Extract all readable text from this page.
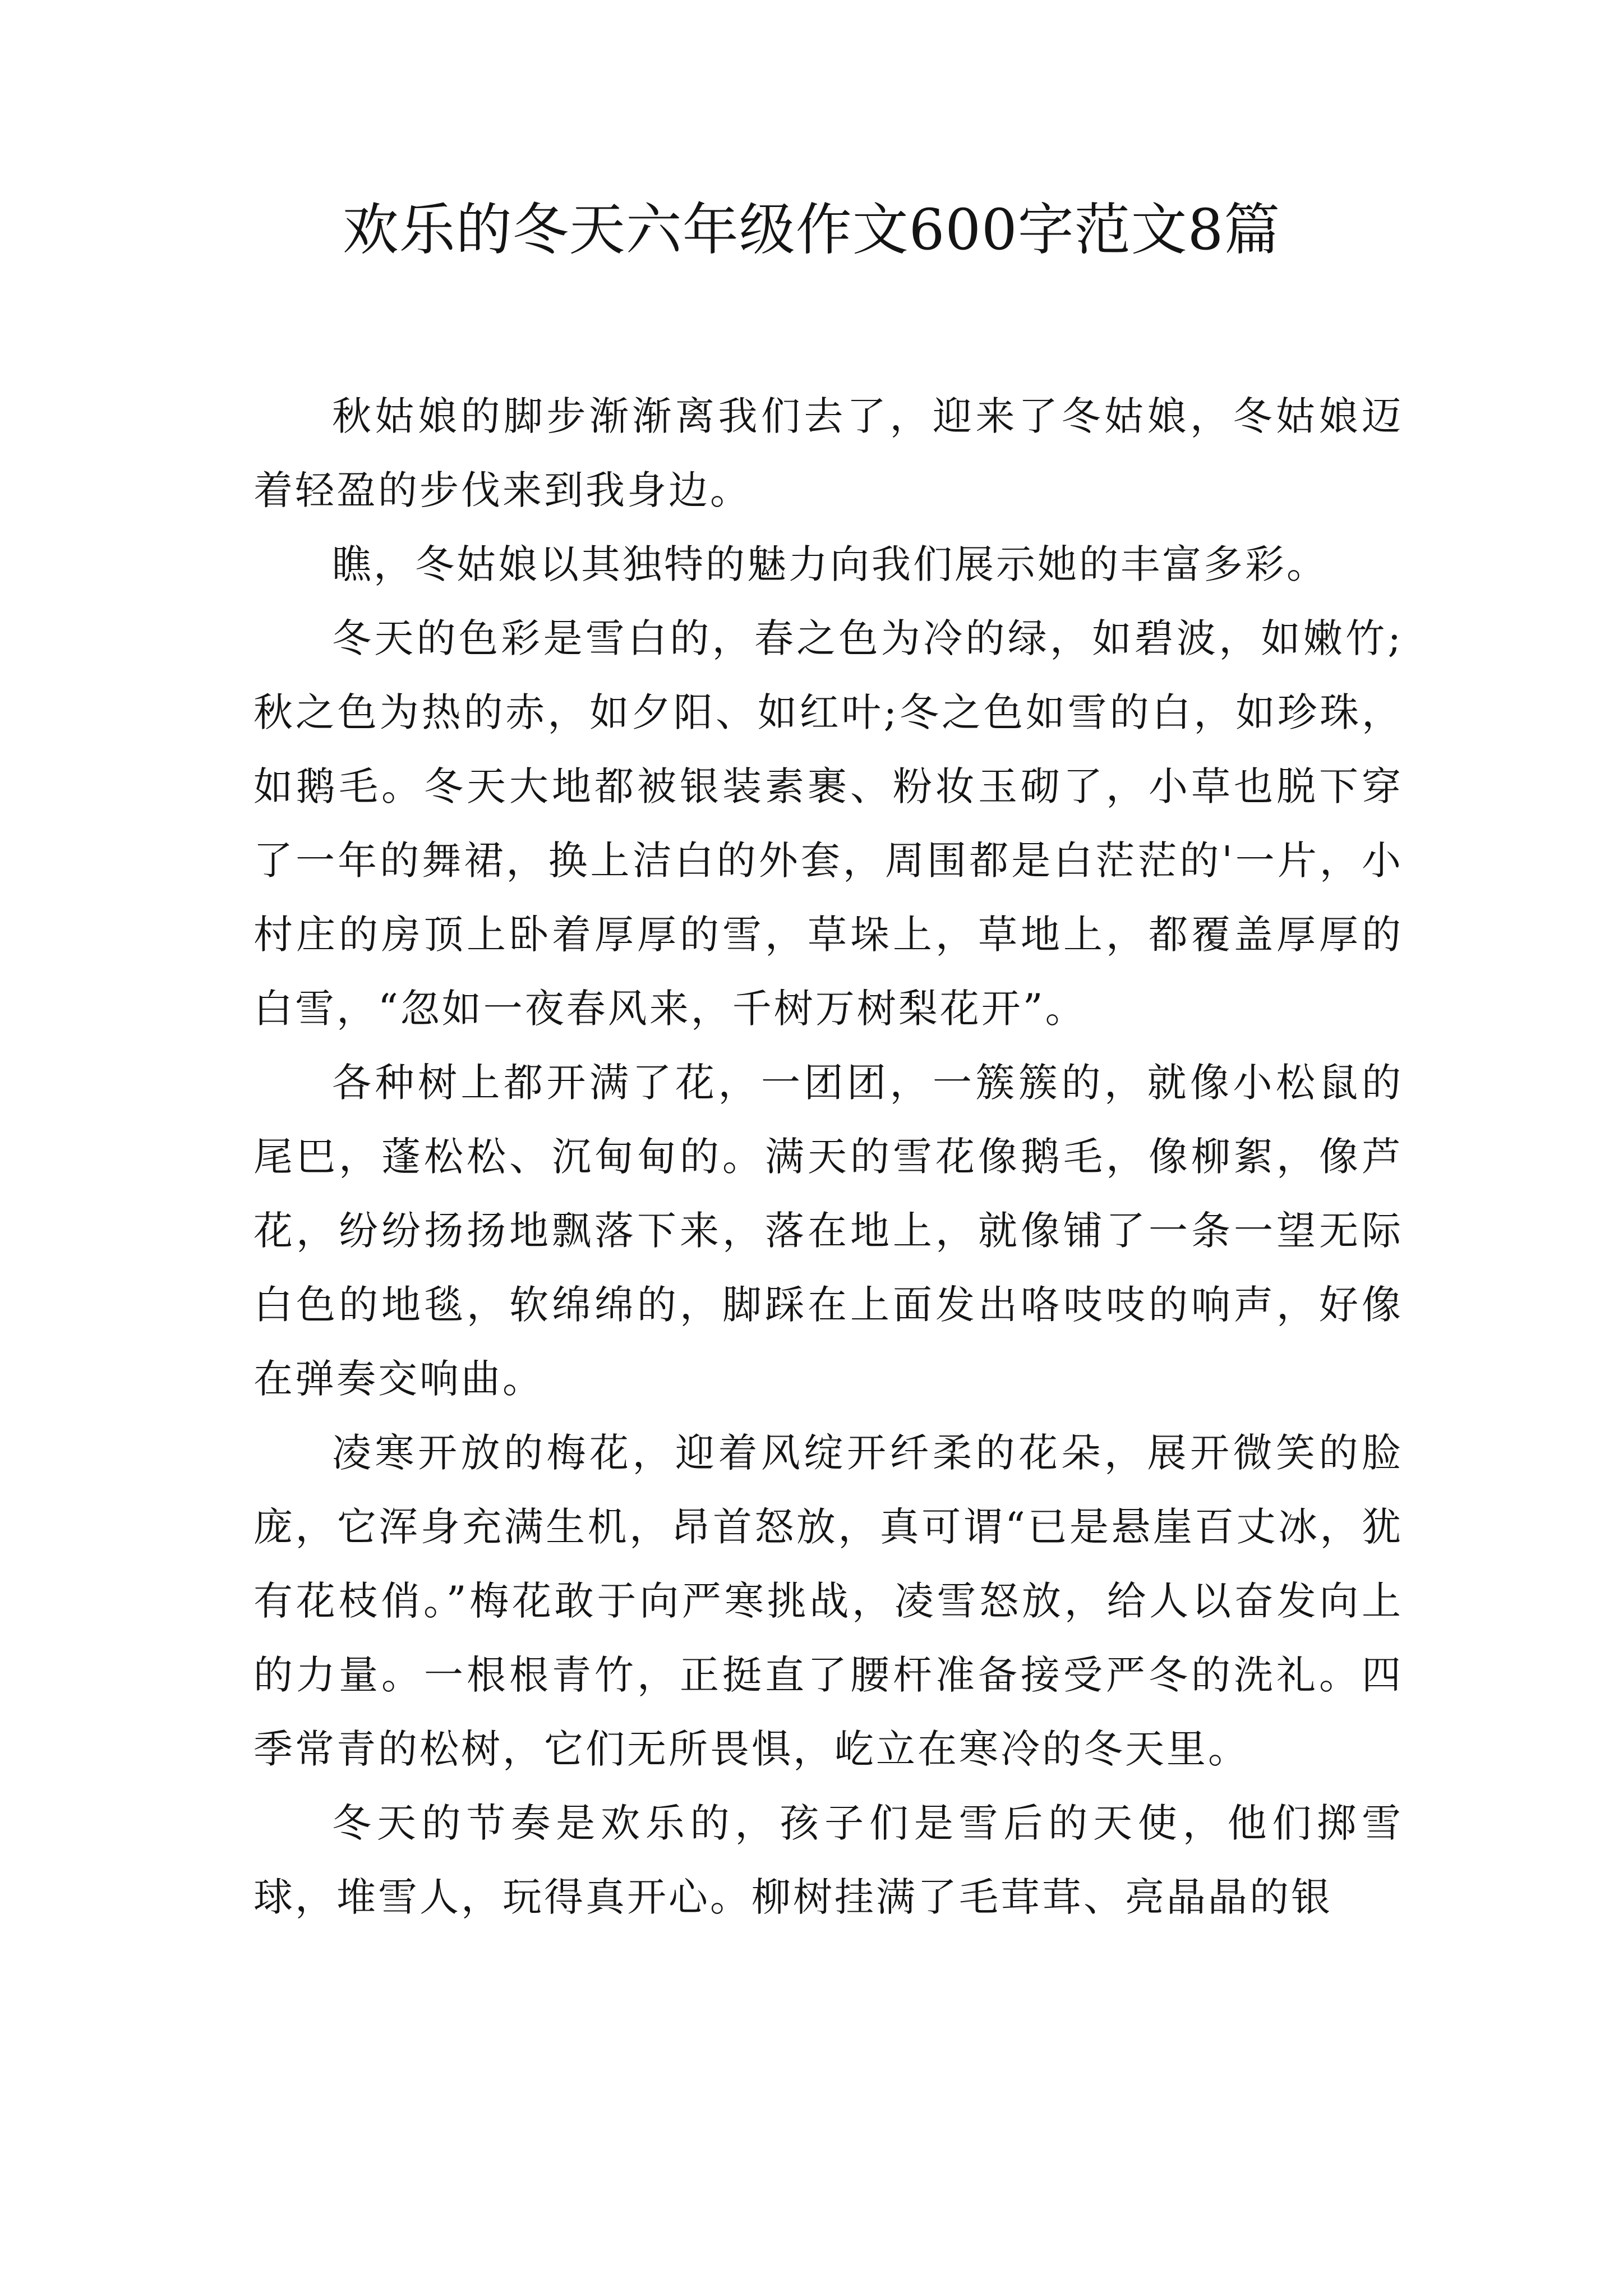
欢乐的冬天六年级作文600字范文8篇

秋姑娘的脚步渐渐离我们去了，迎来了冬姑娘，冬姑娘迈着轻盈的步伐来到我身边。

瞧，冬姑娘以其独特的魅力向我们展示她的丰富多彩。

冬天的色彩是雪白的，春之色为冷的绿，如碧波，如嫩竹;秋之色为热的赤，如夕阳、如红叶;冬之色如雪的白，如珍珠，如鹅毛。冬天大地都被银装素裹、粉妆玉砌了，小草也脱下穿了一年的舞裙，换上洁白的外套，周围都是白茫茫的'一片，小村庄的房顶上卧着厚厚的雪，草垛上，草地上，都覆盖厚厚的白雪，“忽如一夜春风来，千树万树梨花开”。

各种树上都开满了花，一团团，一簇簇的，就像小松鼠的尾巴，蓬松松、沉甸甸的。满天的雪花像鹅毛，像柳絮，像芦花，纷纷扬扬地飘落下来，落在地上，就像铺了一条一望无际白色的地毯，软绵绵的，脚踩在上面发出咯吱吱的响声，好像在弹奏交响曲。

凌寒开放的梅花，迎着风绽开纤柔的花朵，展开微笑的脸庞，它浑身充满生机，昂首怒放，真可谓“已是悬崖百丈冰，犹有花枝俏。”梅花敢于向严寒挑战，凌雪怒放，给人以奋发向上的力量。一根根青竹，正挺直了腰杆准备接受严冬的洗礼。四季常青的松树，它们无所畏惧，屹立在寒冷的冬天里。

冬天的节奏是欢乐的，孩子们是雪后的天使，他们掷雪球，堆雪人，玩得真开心。柳树挂满了毛茸茸、亮晶晶的银
